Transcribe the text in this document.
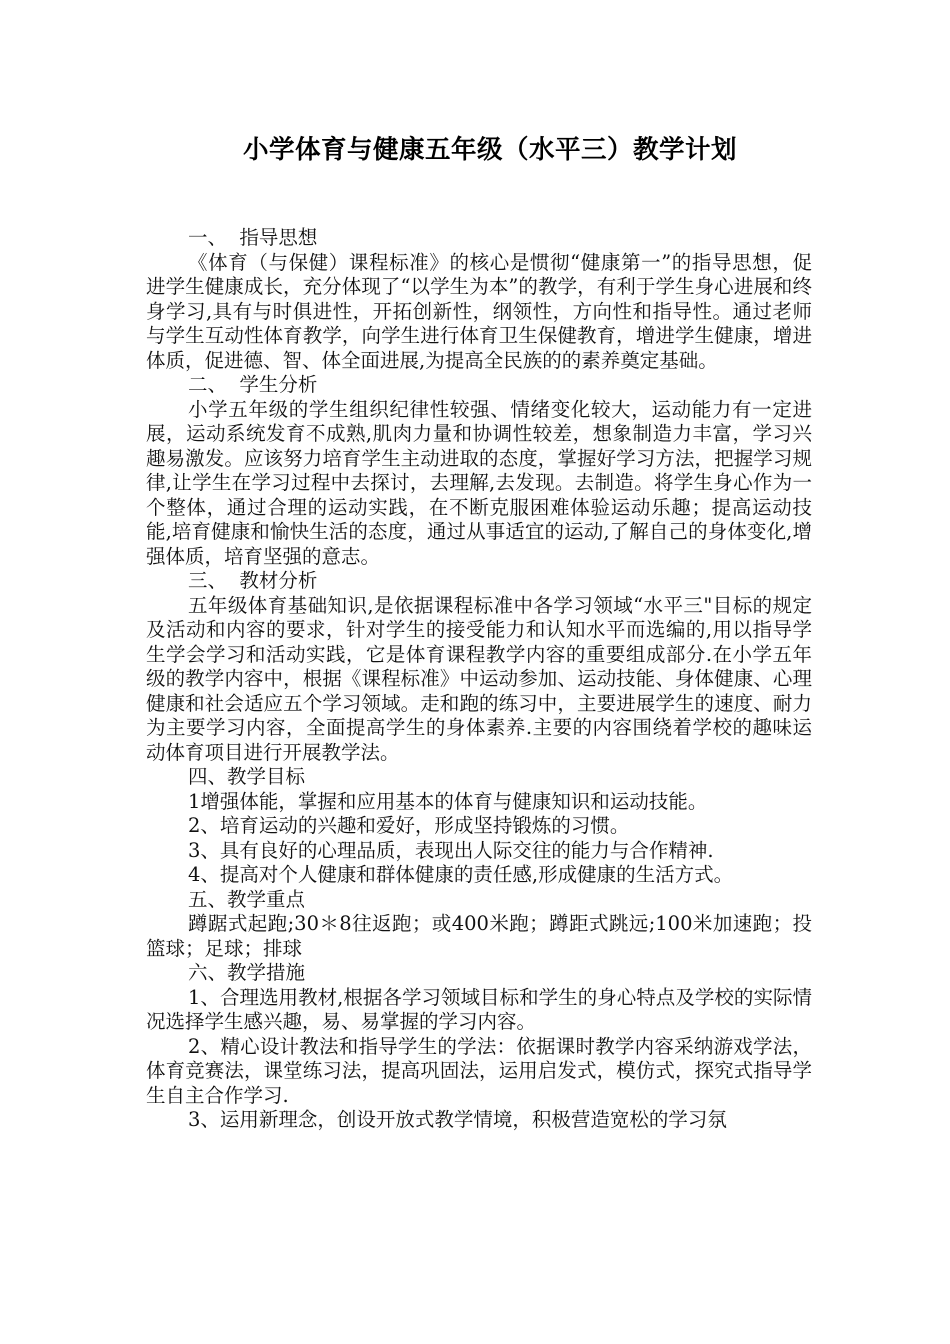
小学体育与健康五年级（水平三）教学计划
一、  指导思想
《体育（与保健）课程标准》的核心是惯彻“健康第一”的指导思想，促进学生健康成长，充分体现了“以学生为本”的教学，有利于学生身心进展和终身学习,具有与时俱进性，开拓创新性，纲领性，方向性和指导性。通过老师与学生互动性体育教学，向学生进行体育卫生保健教育，增进学生健康，增进体质，促进德、智、体全面进展,为提高全民族的的素养奠定基础。
二、  学生分析
小学五年级的学生组织纪律性较强、情绪变化较大，运动能力有一定进展，运动系统发育不成熟,肌肉力量和协调性较差，想象制造力丰富，学习兴趣易激发。应该努力培育学生主动进取的态度，掌握好学习方法，把握学习规律,让学生在学习过程中去探讨，去理解,去发现。去制造。将学生身心作为一个整体，通过合理的运动实践，在不断克服困难体验运动乐趣；提高运动技能,培育健康和愉快生活的态度，通过从事适宜的运动,了解自己的身体变化,增强体质，培育坚强的意志。
三、  教材分析
五年级体育基础知识,是依据课程标准中各学习领域“水平三"目标的规定及活动和内容的要求，针对学生的接受能力和认知水平而选编的,用以指导学生学会学习和活动实践，它是体育课程教学内容的重要组成部分.在小学五年级的教学内容中，根据《课程标准》中运动参加、运动技能、身体健康、心理健康和社会适应五个学习领域。走和跑的练习中，主要进展学生的速度、耐力为主要学习内容，全面提高学生的身体素养.主要的内容围绕着学校的趣味运动体育项目进行开展教学法。
四、教学目标
1增强体能，掌握和应用基本的体育与健康知识和运动技能。
2、培育运动的兴趣和爱好，形成坚持锻炼的习惯。
3、具有良好的心理品质，表现出人际交往的能力与合作精神.
4、提高对个人健康和群体健康的责任感,形成健康的生活方式。
五、教学重点
蹲踞式起跑;30＊8往返跑；或400米跑；蹲距式跳远;100米加速跑；投篮球；足球；排球
六、教学措施
1、合理选用教材,根据各学习领域目标和学生的身心特点及学校的实际情况选择学生感兴趣，易、易掌握的学习内容。
2、精心设计教法和指导学生的学法：依据课时教学内容采纳游戏学法，体育竞赛法，课堂练习法，提高巩固法，运用启发式，模仿式，探究式指导学生自主合作学习.
3、运用新理念，创设开放式教学情境，积极营造宽松的学习氛
